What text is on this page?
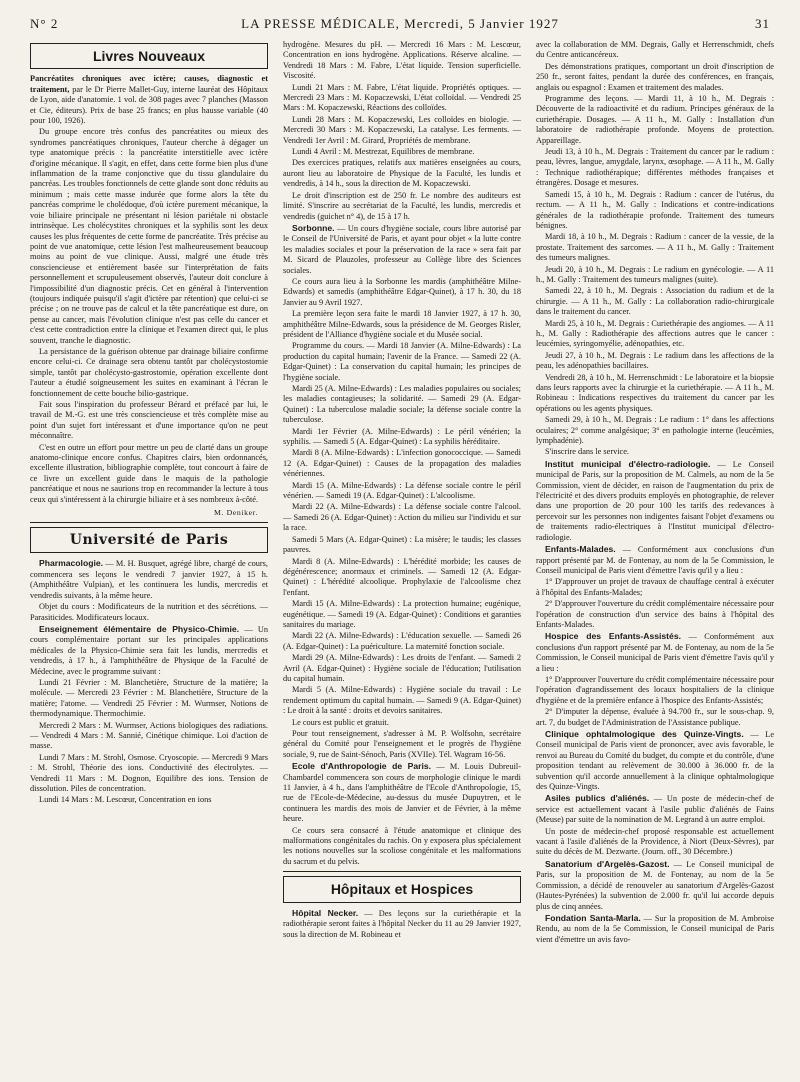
N° 2	LA PRESSE MÉDICALE, Mercredi, 5 Janvier 1927	31
Livres Nouveaux

Pancréatites chroniques avec ictère; causes, diagnostic et traitement, par le Dr Pierre Mallet-Guy, interne lauréat des Hôpitaux de Lyon, aide d'anatomie. 1 vol. de 308 pages avec 7 planches (Masson et Cie, éditeurs). Prix de base 25 francs; en plus hausse variable (40 pour 100, 1926).

Du groupe encore très confus des pancréatites ou mieux des syndromes pancréatiques chroniques, l'auteur cherche à dégager un type anatomique précis : la pancréatite interstitielle avec ictère d'origine mécanique. Il s'agit, en effet, dans cette forme bien plus d'une inflammation de la trame conjonctive que du tissu glandulaire du pancréas. Les troubles fonctionnels de cette glande sont donc réduits au minimum ; mais cette masse indurée que forme alors la tête du pancréas comprime le cholédoque, d'où ictère purement mécanique, la voie biliaire principale ne présentant ni lésion pariétale ni obstacle intrinsèque. Les cholécystites chroniques et la syphilis sont les deux causes les plus fréquentes de cette forme de pancréatite. Très précise au point de vue anatomique, cette lésion l'est malheureusement beaucoup moins au point de vue clinique. Aussi, malgré une étude très consciencieuse et entièrement basée sur l'interprétation de faits personnellement et scrupuleusement observés, l'auteur doit conclure à l'impossibilité d'un diagnostic précis. Cet en général à l'intervention (toujours indiquée puisqu'il s'agit d'ictère par rétention) que celui-ci se précise ; on ne trouve pas de calcul et la tête pancréatique est dure, on pense au cancer, mais l'évolution clinique n'est pas celle du cancer et c'est cette contradiction entre la clinique et l'examen direct qui, le plus souvent, tranche le diagnostic.

La persistance de la guérison obtenue par drainage biliaire confirme encore celui-ci. Ce drainage sera obtenu tantôt par cholécystostomie simple, tantôt par cholécysto-gastrostomie, opération excellente dont l'auteur a étudié soigneusement les suites en examinant à l'écran le fonctionnement de cette bouche bilio-gastrique.

Fait sous l'inspiration du professeur Bérard et préfacé par lui, le travail de M.-G. est une très consciencieuse et très complète mise au point d'un sujet fort intéressant et d'une importance qu'on ne peut méconnaître.

C'est en outre un effort pour mettre un peu de clarté dans un groupe anatomo-clinique encore confus. Chapitres clairs, bien ordonnancés, excellente illustration, bibliographie complète, tout concourt à faire de ce livre un excellent guide dans le maquis de la pathologie pancréatique et nous ne saurions trop en recommander la lecture à tous ceux qui s'intéressent à la chirurgie biliaire et à ses nombreux à-côté.

M. Deniker.
Université de Paris

Pharmacologie. — M. H. Busquet, agrégé libre, chargé de cours, commencera ses leçons le vendredi 7 janvier 1927, à 15 h. (Amphithéâtre Vulpian), et les continuera les lundis, mercredis et vendredis suivants, à la même heure.

Objet du cours : Modificateurs de la nutrition et des sécrétions. — Parasiticides. Modificateurs locaux.

Enseignement élémentaire de Physico-Chimie. — Un cours complémentaire portant sur les principales applications médicales de la Physico-Chimie sera fait les lundis, mercredis et vendredis, à 17 h., à l'amphithéâtre de Physique de la Faculté de Médecine, avec le programme suivant :

Lundi 21 Février : M. Blanchetière, Structure de la matière; la molécule. — Mercredi 23 Février : M. Blanchetière, Structure de la matière; l'atome. — Vendredi 25 Février : M. Wurmser, Notions de thermodynamique. Thermochimie.

Mercredi 2 Mars : M. Wurmser, Actions biologiques des radiations. — Vendredi 4 Mars : M. Sannié, Cinétique chimique. Loi d'action de masse.

Lundi 7 Mars : M. Strohl, Osmose. Cryoscopie. — Mercredi 9 Mars : M. Strohl, Théorie des ions. Conductivité des électrolytes. — Vendredi 11 Mars : M. Dognon, Equilibre des ions. Tension de dissolution. Piles de concentration.

Lundi 14 Mars : M. Lescœur, Concentration en ions

hydrogène. Mesures du pH. — Mercredi 16 Mars : M. Lescœur, Concentration en ions hydrogène. Applications. Réserve alcaline. — Vendredi 18 Mars : M. Fabre, L'état liquide. Tension superficielle. Viscosité.

Lundi 21 Mars : M. Fabre, L'état liquide. Propriétés optiques. — Mercredi 23 Mars : M. Kopaczewski, L'état colloïdal. — Vendredi 25 Mars : M. Kopaczewski, Réactions des colloïdes.

Lundi 28 Mars : M. Kopaczewski, Les colloïdes en biologie. — Mercredi 30 Mars : M. Kopaczewski, La catalyse. Les ferments. — Vendredi 1er Avril : M. Girard, Propriétés de membrane.

Lundi 4 Avril : M. Mestrezat, Equilibres de membrane.

Des exercices pratiques, relatifs aux matières enseignées au cours, auront lieu au laboratoire de Physique de la Faculté, les lundis et vendredis, à 14 h., sous la direction de M. Kopaczewski.

Le droit d'inscription est de 250 fr. Le nombre des auditeurs est limité. S'inscrire au secrétariat de la Faculté, les lundis, mercredis et vendredis (guichet n° 4), de 15 à 17 h.

Sorbonne. — Un cours d'hygiène sociale, cours libre autorisé par le Conseil de l'Université de Paris, et ayant pour objet « la lutte contre les maladies sociales et pour la préservation de la race » sera fait par M. Sicard de Plauzoles, professeur au Collège libre des Sciences sociales.

Ce cours aura lieu à la Sorbonne les mardis (amphithéâtre Milne-Edwards) et samedis (amphithéâtre Edgar-Quinet), à 17 h. 30, du 18 Janvier au 9 Avril 1927.

La première leçon sera faite le mardi 18 Janvier 1927, à 17 h. 30, amphithéâtre Milne-Edwards, sous la présidence de M. Georges Risler, président de l'Alliance d'hygiène sociale et du Musée social.

Programme du cours. — Mardi 18 Janvier (A. Milne-Edwards) : La production du capital humain; l'avenir de la France. — Samedi 22 (A. Edgar-Quinet) : La conservation du capital humain; les principes de l'hygiène sociale.

Mardi 25 (A. Milne-Edwards) : Les maladies populaires ou sociales; les maladies contagieuses; la solidarité. — Samedi 29 (A. Edgar-Quinet) : La tuberculose maladie sociale; la défense sociale contre la tuberculose.

Mardi 1er Février (A. Milne-Edwards) : Le péril vénérien; la syphilis. — Samedi 5 (A. Edgar-Quinet) : La syphilis héréditaire.

Mardi 8 (A. Milne-Edwards) : L'infection gonococcique. — Samedi 12 (A. Edgar-Quinet) : Causes de la propagation des maladies vénériennes.

Mardi 15 (A. Milne-Edwards) : La défense sociale contre le péril vénérien. — Samedi 19 (A. Edgar-Quinet) : L'alcoolisme.

Mardi 22 (A. Milne-Edwards) : La défense sociale contre l'alcool. — Samedi 26 (A. Edgar-Quinet) : Action du milieu sur l'individu et sur la race.

Samedi 5 Mars (A. Edgar-Quinet) : La misère; le taudis; les classes pauvres.

Mardi 8 (A. Milne-Edwards) : L'hérédité morbide; les causes de dégénérescence; anormaux et criminels. — Samedi 12 (A. Edgar-Quinet) : L'hérédité alcoolique. Prophylaxie de l'alcoolisme chez l'enfant.

Mardi 15 (A. Milne-Edwards) : La protection humaine; eugénique, eugénétique. — Samedi 19 (A. Edgar-Quinet) : Conditions et garanties sanitaires du mariage.

Mardi 22 (A. Milne-Edwards) : L'éducation sexuelle. — Samedi 26 (A. Edgar-Quinet) : La puériculture. La maternité fonction sociale.

Mardi 29 (A. Milne-Edwards) : Les droits de l'enfant. — Samedi 2 Avril (A. Edgar-Quinet) : Hygiène sociale de l'éducation; l'utilisation du capital humain.

Mardi 5 (A. Milne-Edwards) : Hygiène sociale du travail : Le rendement optimum du capital humain. — Samedi 9 (A. Edgar-Quinet) : Le droit à la santé : droits et devoirs sanitaires.

Le cours est public et gratuit.

Pour tout renseignement, s'adresser à M. P. Wolfsohn, secrétaire général du Comité pour l'enseignement et le progrès de l'hygiène sociale, 9, rue de Saint-Sénoch, Paris (XVIIe). Tél. Wagram 16-56.

Ecole d'Anthropologie de Paris. — M. Louis Dubreuil-Chambardel commencera son cours de morphologie clinique le mardi 11 Janvier, à 4 h., dans l'amphithéâtre de l'Ecole d'Anthropologie, 15, rue de l'Ecole-de-Médecine, au-dessus du musée Dupuytren, et le continuera les mardis des mois de Janvier et de Février, à la même heure.

Ce cours sera consacré à l'étude anatomique et clinique des malformations congénitales du rachis. On y exposera plus spécialement les notions nouvelles sur la scoliose congénitale et les malformations du sacrum et du pelvis.

Hôpitaux et Hospices

Hôpital Necker. — Des leçons sur la curiethérapie et la radiothérapie seront faites à l'hôpital Necker du 11 au 29 Janvier 1927, sous la direction de M. Robineau et

avec la collaboration de MM. Degrais, Gally et Herrenschmidt, chefs du Centre anticancéreux.

Des démonstrations pratiques, comportant un droit d'inscription de 250 fr., seront faites, pendant la durée des conférences, en français, anglais ou espagnol : Examen et traitement des malades.

Programme des leçons. — Mardi 11, à 10 h., M. Degrais : Découverte de la radioactivité et du radium. Principes généraux de la curiethérapie. Dosages. — A 11 h., M. Gally : Installation d'un laboratoire de radiothérapie profonde. Moyens de protection. Appareillage.

Jeudi 13, à 10 h., M. Degrais : Traitement du cancer par le radium : peau, lèvres, langue, amygdale, larynx, œsophage. — A 11 h., M. Gally : Technique radiothérapique; différentes méthodes françaises et étrangères. Dosage et mesures.

Samedi 15, à 10 h., M. Degrais : Radium : cancer de l'utérus, du rectum. — A 11 h., M. Gally : Indications et contre-indications générales de la radiothérapie profonde. Traitement des tumeurs bénignes.

Mardi 18, à 10 h., M. Degrais : Radium : cancer de la vessie, de la prostate. Traitement des sarcomes. — A 11 h., M. Gally : Traitement des tumeurs malignes.

Jeudi 20, à 10 h., M. Degrais : Le radium en gynécologie. — A 11 h., M. Gally : Traitement des tumeurs malignes (suite).

Samedi 22, à 10 h., M. Degrais : Association du radium et de la chirurgie. — A 11 h., M. Gally : La collaboration radio-chirurgicale dans le traitement du cancer.

Mardi 25, à 10 h., M. Degrais : Curiethérapie des angiomes. — A 11 h., M. Gally : Radiothérapie des affections autres que le cancer : leucémies, syringomyélie, adénopathies, etc.

Jeudi 27, à 10 h., M. Degrais : Le radium dans les affections de la peau, les adénopathies bacillaires.

Vendredi 28, à 10 h., M. Herrenschmidt : Le laboratoire et la biopsie dans leurs rapports avec la chirurgie et la curiethérapie. — A 11 h., M. Robineau : Indications respectives du traitement du cancer par les opérations ou les agents physiques.

Samedi 29, à 10 h., M. Degrais : Le radium : 1° dans les affections oculaires; 2° comme analgésique; 3° en pathologie interne (leucémies, lymphadénie).

S'inscrire dans le service.

Institut municipal d'électro-radiologie. — Le Conseil municipal de Paris, sur la proposition de M. Calmels, au nom de la 5e Commission, vient de décider, en raison de l'augmentation du prix de l'électricité et des divers produits employés en photographie, de relever dans une proportion de 20 pour 100 les tarifs des redevances à percevoir sur les personnes non indigentes faisant l'objet d'examens ou de traitements radio-électriques à l'Institut municipal d'électro-radiologie.

Enfants-Malades. — Conformément aux conclusions d'un rapport présenté par M. de Fontenay, au nom de la 5e Commission, le Conseil municipal de Paris vient d'émettre l'avis qu'il y a lieu :

1° D'approuver un projet de travaux de chauffage central à exécuter à l'hôpital des Enfants-Malades;

2° D'approuver l'ouverture du crédit complémentaire nécessaire pour l'opération de construction d'un service des bains à l'hôpital des Enfants-Malades.

Hospice des Enfants-Assistés. — Conformément aux conclusions d'un rapport présenté par M. de Fontenay, au nom de la 5e Commission, le Conseil municipal de Paris vient d'émettre l'avis qu'il y a lieu :

1° D'approuver l'ouverture du crédit complémentaire nécessaire pour l'opération d'agrandissement des locaux hospitaliers de la clinique d'hygiène et de la première enfance à l'hospice des Enfants-Assistés;

2° D'imputer la dépense, évaluée à 94.700 fr., sur le sous-chap. 9, art. 7, du budget de l'Administration de l'Assistance publique.

Clinique ophtalmologique des Quinze-Vingts. — Le Conseil municipal de Paris vient de prononcer, avec avis favorable, le renvoi au Bureau du Comité du budget, du compte et du contrôle, d'une proposition tendant au relèvement de 30.000 à 36.000 fr. de la subvention qu'il accorde annuellement à la clinique ophtalmologique des Quinze-Vingts.

Asiles publics d'aliénés. — Un poste de médecin-chef de service est actuellement vacant à l'asile public d'aliénés de Fains (Meuse) par suite de la nomination de M. Legrand à un autre emploi.

Un poste de médecin-chef proposé responsable est actuellement vacant à l'asile d'aliénés de la Providence, à Niort (Deux-Sèvres), par suite du décès de M. Dezwarte. (Journ. off., 30 Décembre.)

Sanatorium d'Argelès-Gazost. — Le Conseil municipal de Paris, sur la proposition de M. de Fontenay, au nom de la 5e Commission, a décidé de renouveler au sanatorium d'Argelès-Gazost (Hautes-Pyrénées) la subvention de 2.000 fr. qu'il lui accorde depuis plus de cinq années.

Fondation Santa-Marla. — Sur la proposition de M. Ambroise Rendu, au nom de la 5e Commission, le Conseil municipal de Paris vient d'émettre un avis favo-
